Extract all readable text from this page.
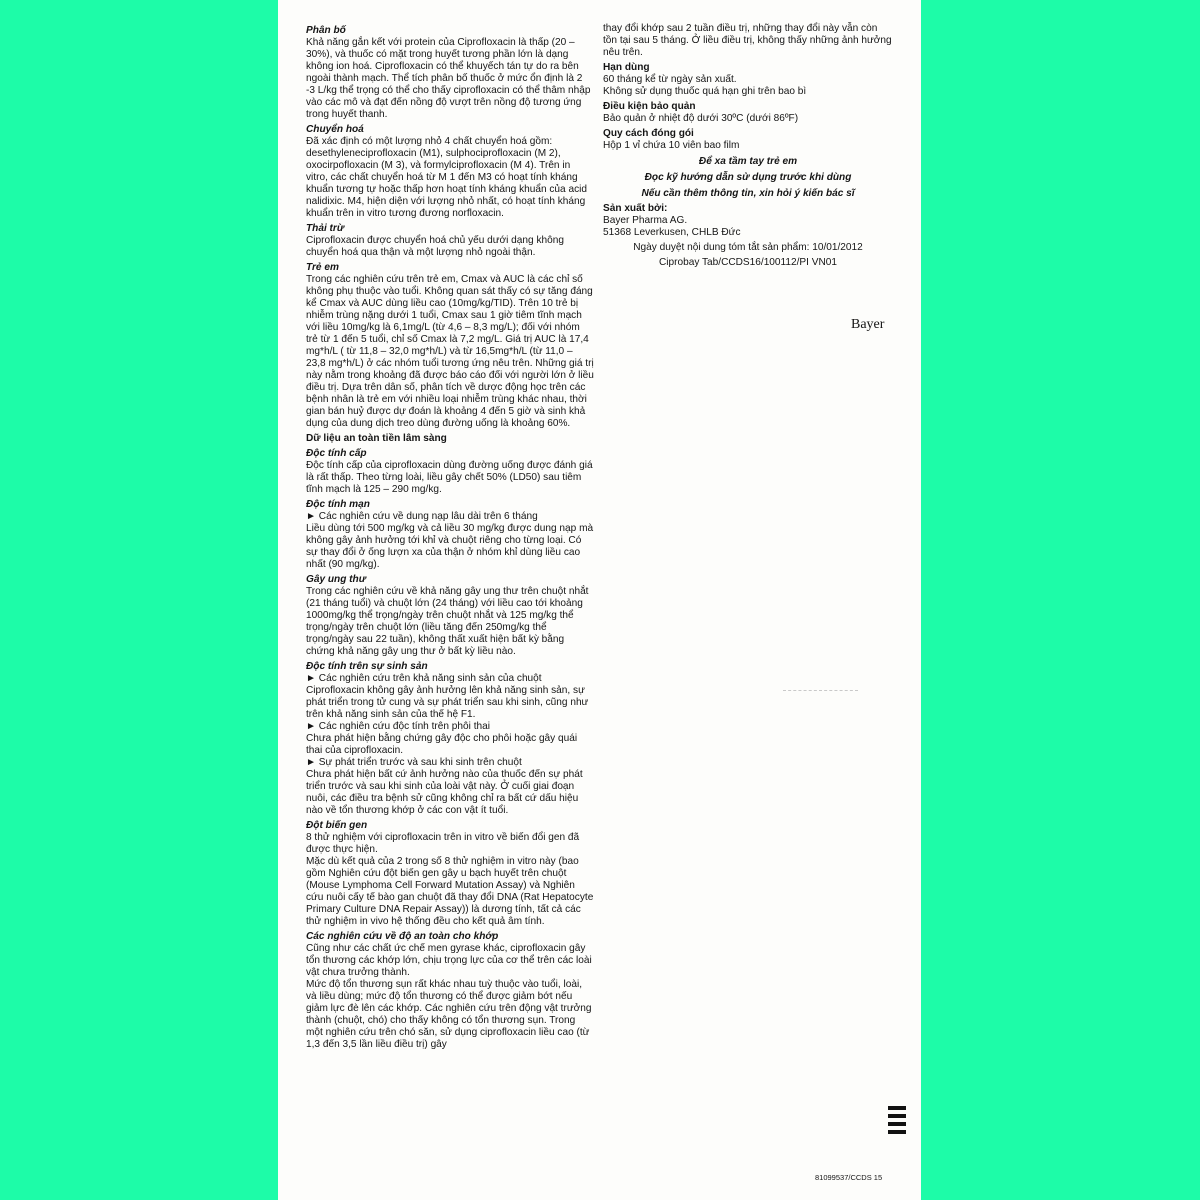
Phân bố
Khả năng gắn kết với protein của Ciprofloxacin là thấp (20 – 30%), và thuốc có mặt trong huyết tương phần lớn là dạng không ion hoá. Ciprofloxacin có thể khuyếch tán tự do ra bên ngoài thành mạch. Thể tích phân bố thuốc ở mức ổn định là 2 -3 L/kg thể trọng có thể cho thấy ciprofloxacin có thể thâm nhập vào các mô và đạt đến nồng độ vượt trên nồng độ tương ứng trong huyết thanh.
Chuyển hoá
Đã xác định có một lượng nhỏ 4 chất chuyển hoá gồm: desethyleneciprofloxacin (M1), sulphociprofloxacin (M 2), oxocirpofloxacin (M 3), và formylciprofloxacin (M 4). Trên in vitro, các chất chuyển hoá từ M 1 đến M3 có hoạt tính kháng khuẩn tương tự hoặc thấp hơn hoạt tính kháng khuẩn của acid nalidixic. M4, hiện diện với lượng nhỏ nhất, có hoạt tính kháng khuẩn trên in vitro tương đương norfloxacin.
Thải trừ
Ciprofloxacin được chuyển hoá chủ yếu dưới dạng không chuyển hoá qua thận và một lượng nhỏ ngoài thận.
Trẻ em
Trong các nghiên cứu trên trẻ em, Cmax và AUC là các chỉ số không phụ thuộc vào tuổi. Không quan sát thấy có sự tăng đáng kể Cmax và AUC dùng liều cao (10mg/kg/TID). Trên 10 trẻ bị nhiễm trùng nặng dưới 1 tuổi, Cmax sau 1 giờ tiêm tĩnh mạch với liều 10mg/kg là 6,1mg/L (từ 4,6 – 8,3 mg/L); đối với nhóm trẻ từ 1 đến 5 tuổi, chỉ số Cmax là 7,2 mg/L. Giá trị AUC là 17,4 mg*h/L ( từ 11,8 – 32,0 mg*h/L) và từ 16,5mg*h/L (từ 11,0 – 23,8 mg*h/L) ở các nhóm tuổi tương ứng nêu trên. Những giá trị này nằm trong khoảng đã được báo cáo đối với người lớn ở liều điều trị. Dựa trên dân số, phân tích về dược động học trên các bệnh nhân là trẻ em với nhiều loại nhiễm trùng khác nhau, thời gian bán huỷ được dự đoán là khoảng 4 đến 5 giờ và sinh khả dụng của dung dịch treo dùng đường uống là khoảng 60%.
Dữ liệu an toàn tiền lâm sàng
Độc tính cấp
Độc tính cấp của ciprofloxacin dùng đường uống được đánh giá là rất thấp. Theo từng loài, liều gây chết 50% (LD50) sau tiêm tĩnh mạch là 125 – 290 mg/kg.
Độc tính mạn
► Các nghiên cứu về dung nạp lâu dài trên 6 tháng
Liều dùng tới 500 mg/kg và cả liều 30 mg/kg được dung nạp mà không gây ảnh hưởng tới khỉ và chuột riêng cho từng loại. Có sự thay đổi ở ống lượn xa của thận ở nhóm khỉ dùng liều cao nhất (90 mg/kg).
Gây ung thư
Trong các nghiên cứu về khả năng gây ung thư trên chuột nhắt (21 tháng tuổi) và chuột lớn (24 tháng) với liều cao tới khoảng 1000mg/kg thể trọng/ngày trên chuột nhắt và 125 mg/kg thể trọng/ngày trên chuột lớn (liều tăng đến 250mg/kg thể trọng/ngày sau 22 tuần), không thất xuất hiện bất kỳ bằng chứng khả năng gây ung thư ở bất kỳ liều nào.
Độc tính trên sự sinh sản
► Các nghiên cứu trên khả năng sinh sản của chuột
Ciprofloxacin không gây ảnh hưởng lên khả năng sinh sản, sự phát triển trong tử cung và sự phát triển sau khi sinh, cũng như trên khả năng sinh sản của thế hệ F1.
► Các nghiên cứu độc tính trên phôi thai
Chưa phát hiện bằng chứng gây độc cho phôi hoặc gây quái thai của ciprofloxacin.
► Sự phát triển trước và sau khi sinh trên chuột
Chưa phát hiện bất cứ ảnh hưởng nào của thuốc đến sự phát triển trước và sau khi sinh của loài vật này. Ở cuối giai đoạn nuôi, các điều tra bệnh sử cũng không chỉ ra bất cứ dấu hiệu nào về tổn thương khớp ở các con vật ít tuổi.
Đột biến gen
8 thử nghiệm với ciprofloxacin trên in vitro về biến đổi gen đã được thực hiện.
Mặc dù kết quả của 2 trong số 8 thử nghiệm in vitro này (bao gồm Nghiên cứu đột biến gen gây u bạch huyết trên chuột (Mouse Lymphoma Cell Forward Mutation Assay) và Nghiên cứu nuôi cấy tế bào gan chuột đã thay đổi DNA (Rat Hepatocyte Primary Culture DNA Repair Assay)) là dương tính, tất cả các thử nghiệm in vivo hệ thống đều cho kết quả âm tính.
Các nghiên cứu về độ an toàn cho khớp
Cũng như các chất ức chế men gyrase khác, ciprofloxacin gây tổn thương các khớp lớn, chịu trọng lực của cơ thể trên các loài vật chưa trưởng thành.
Mức độ tổn thương sụn rất khác nhau tuỳ thuộc vào tuổi, loài, và liều dùng; mức độ tổn thương có thể được giảm bớt nếu giảm lực đè lên các khớp. Các nghiên cứu trên động vật trưởng thành (chuột, chó) cho thấy không có tổn thương sụn. Trong một nghiên cứu trên chó săn, sử dụng ciprofloxacin liều cao (từ 1,3 đến 3,5 lần liều điều trị) gây
thay đổi khớp sau 2 tuần điều trị, những thay đổi này vẫn còn tồn tại sau 5 tháng. Ở liều điều trị, không thấy những ảnh hưởng nêu trên.
Hạn dùng
60 tháng kể từ ngày sản xuất.
Không sử dụng thuốc quá hạn ghi trên bao bì
Điều kiện bảo quản
Bảo quản ở nhiệt độ dưới 30ºC (dưới 86ºF)
Quy cách đóng gói
Hộp 1 vỉ chứa 10 viên bao film
Để xa tầm tay trẻ em
Đọc kỹ hướng dẫn sử dụng trước khi dùng
Nếu cần thêm thông tin, xin hỏi ý kiến bác sĩ
Sản xuất bởi:
Bayer Pharma AG.
51368 Leverkusen, CHLB Đức
Ngày duyệt nội dung tóm tắt sản phẩm: 10/01/2012
Ciprobay Tab/CCDS16/100112/PI VN01
Bayer
81099537/CCDS 15
